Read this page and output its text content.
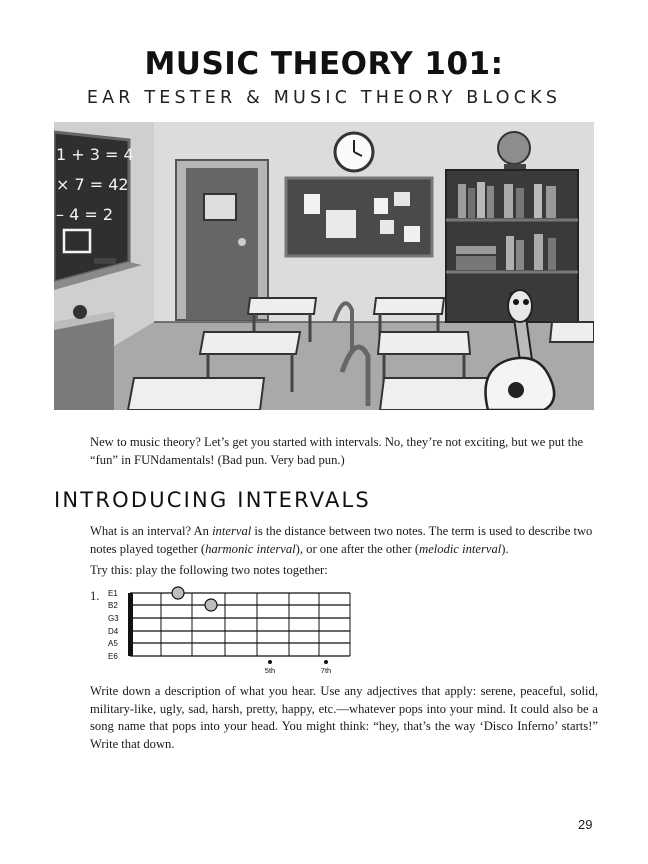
MUSIC THEORY 101:
EAR TESTER & MUSIC THEORY BLOCKS
1 + 3 = 4
× 7 = 42
– 4 = 2
New to music theory? Let’s get you started with intervals. No, they’re not exciting, but we put the “fun” in FUNdamentals! (Bad pun. Very bad pun.)
INTRODUCING INTERVALS
What is an interval? An interval is the distance between two notes. The term is used to describe two notes played together (harmonic interval), or one after the other (melodic interval).
Try this: play the following two notes together:
1. E1
B2
G3
D4
A5
E6
5th	7th
Write down a description of what you hear. Use any adjectives that apply: serene, peaceful, solid, military-like, ugly, sad, harsh, pretty, happy, etc.—whatever pops into your mind. It could also be a song name that pops into your head. You might think: “hey, that’s the way ‘Disco Inferno’ starts!” Write that down.
29
